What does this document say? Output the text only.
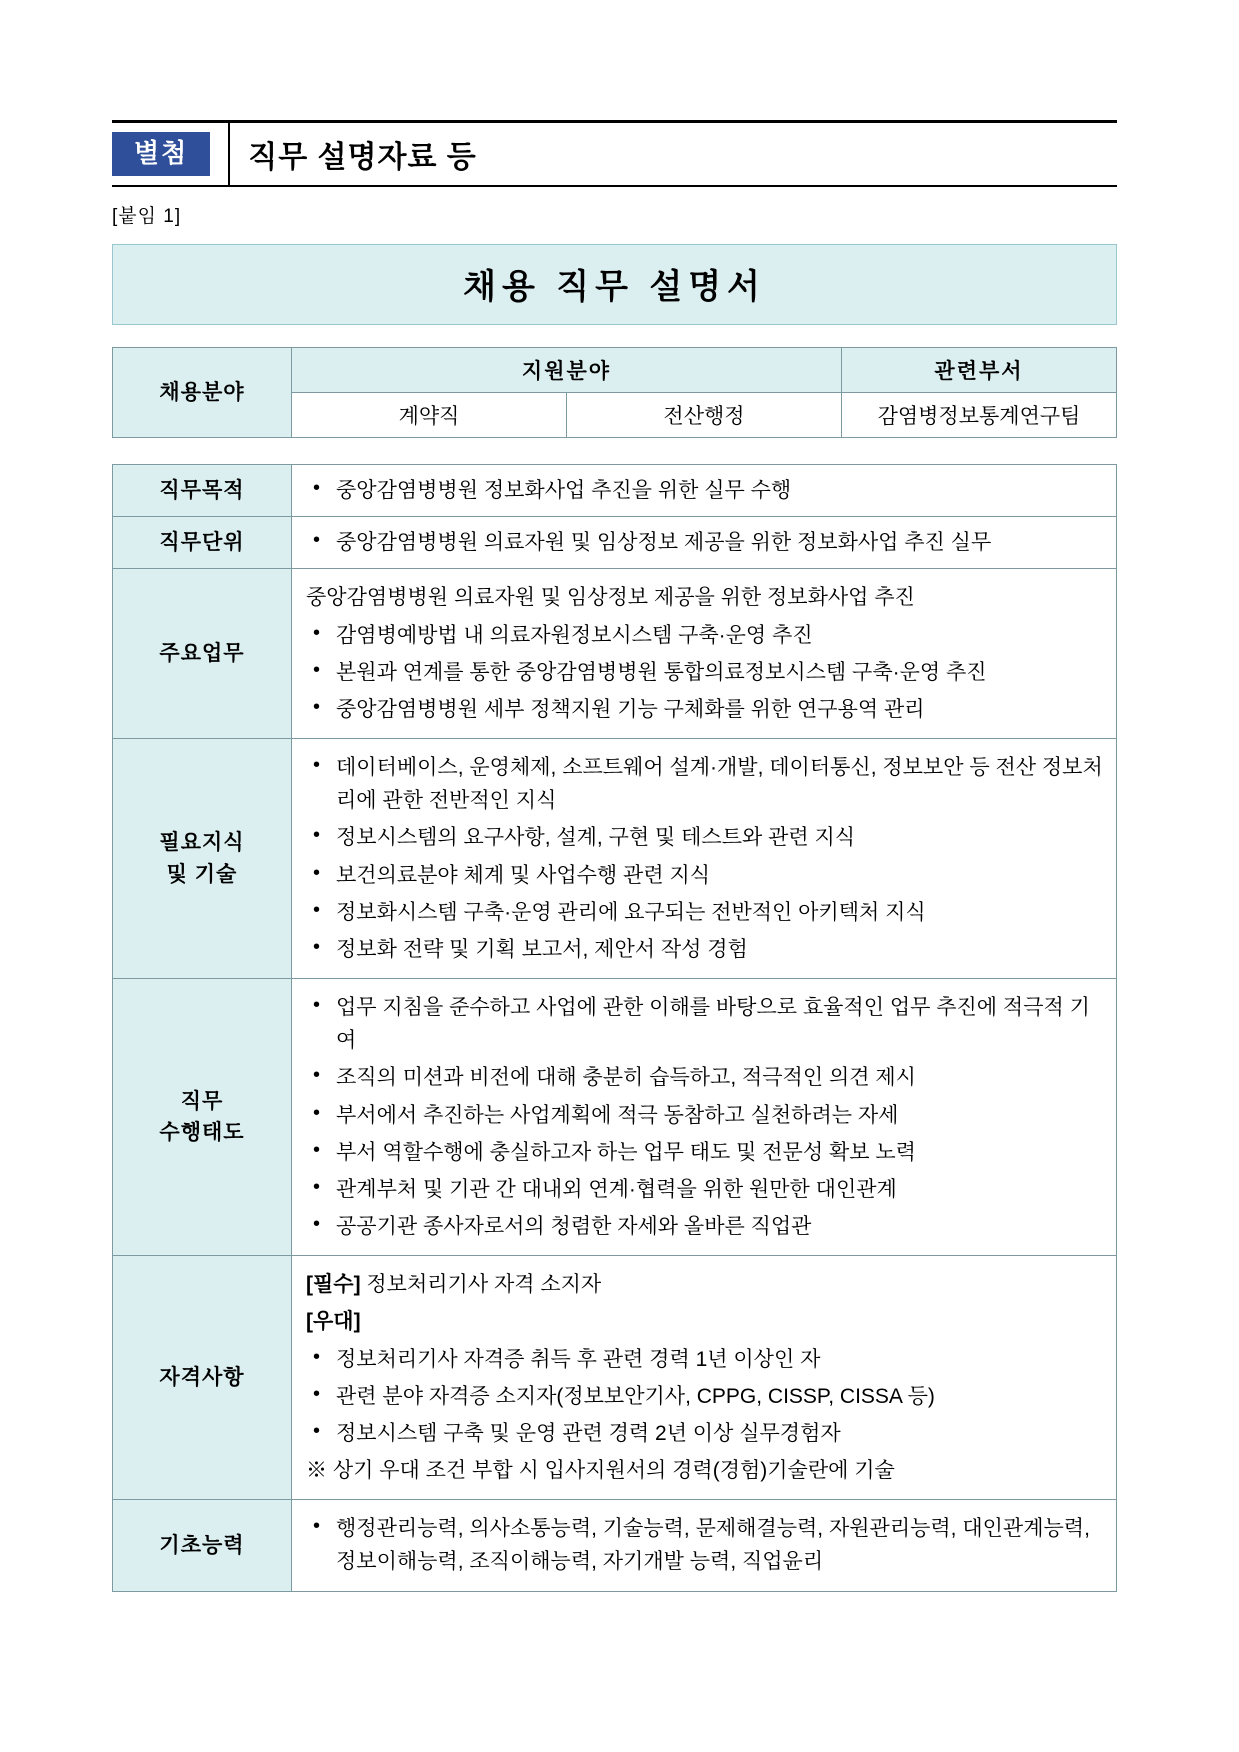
별첨	직무 설명자료 등
[붙임 1]
채용 직무 설명서
채용분야	지원분야		관련부서
	계약직	전산행정	감염병정보통계연구팀
직무목적	
•중앙감염병병원 정보화사업 추진을 위한 실무 수행

직무단위	
•중앙감염병병원 의료자원 및 임상정보 제공을 위한 정보화사업 추진 실무

주요업무	
중앙감염병병원 의료자원 및 임상정보 제공을 위한 정보화사업 추진
• 감염병예방법 내 의료자원정보시스템 구축·운영 추진
• 본원과 연계를 통한 중앙감염병병원 통합의료정보시스템 구축·운영 추진
• 중앙감염병병원 세부 정책지원 기능 구체화를 위한 연구용역 관리

필요지식
및 기술

• 데이터베이스, 운영체제, 소프트웨어 설계·개발, 데이터통신, 정보보안 등 전산 정보처리에 관한 전반적인 지식
• 정보시스템의 요구사항, 설계, 구현 및 테스트와 관련 지식
• 보건의료분야 체계 및 사업수행 관련 지식
• 정보화시스템 구축·운영 관리에 요구되는 전반적인 아키텍처 지식
• 정보화 전략 및 기획 보고서, 제안서 작성 경험

직무
수행태도

• 업무 지침을 준수하고 사업에 관한 이해를 바탕으로 효율적인 업무 추진에 적극적 기여
• 조직의 미션과 비전에 대해 충분히 습득하고, 적극적인 의견 제시
• 부서에서 추진하는 사업계획에 적극 동참하고 실천하려는 자세
• 부서 역할수행에 충실하고자 하는 업무 태도 및 전문성 확보 노력
• 관계부처 및 기관 간 대내외 연계·협력을 위한 원만한 대인관계
• 공공기관 종사자로서의 청렴한 자세와 올바른 직업관

자격사항	
[필수] 정보처리기사 자격 소지자
[우대]
• 정보처리기사 자격증 취득 후 관련 경력 1년 이상인 자
• 관련 분야 자격증 소지자(정보보안기사, CPPG, CISSP, CISSA 등)
• 정보시스템 구축 및 운영 관련 경력 2년 이상 실무경험자
※ 상기 우대 조건 부합 시 입사지원서의 경력(경험)기술란에 기술

기초능력	
• 행정관리능력, 의사소통능력, 기술능력, 문제해결능력, 자원관리능력, 대인관계능력, 정보이해능력, 조직이해능력, 자기개발 능력, 직업윤리
